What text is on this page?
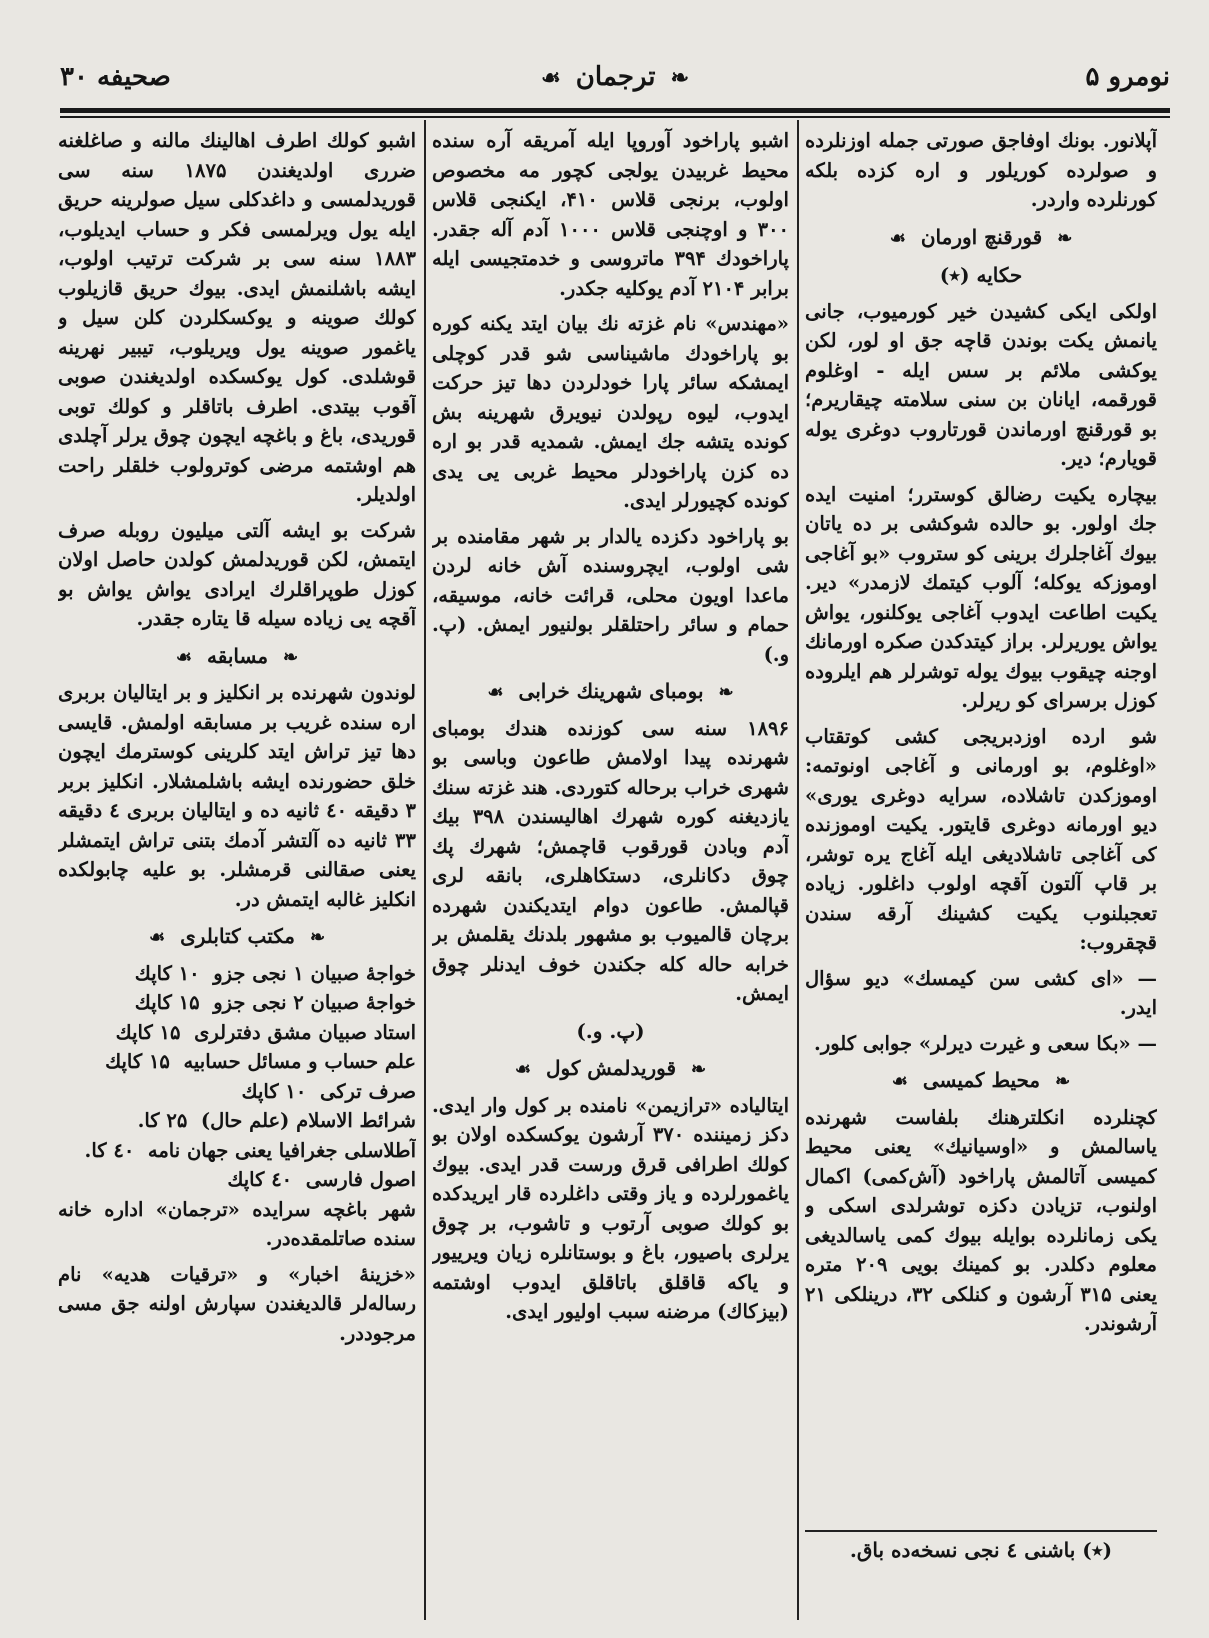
صحیفه ۳۰	❧ ترجمان ☙	نومرو ۵

آپلانور. بونك اوفاجق صورتی جمله اوزنلرده و صولرده کوریلور و اره کزده بلکه کورنلرده واردر.

❧ قورقنچ اورمان ☙
حکایه (٭)

اولکی ایکی کشیدن خیر کورمیوب، جانی یانمش یکت بوندن قاچه جق او لور، لکن یوکشی ملائم بر سس ایله - اوغلوم قورقمه، ایانان بن سنی سلامته چیقاریرم؛ بو قورقنچ اورماندن قورتاروب دوغری یوله قویارم؛ دیر.

بیچاره یکیت رضالق کوسترر؛ امنیت ایده جك اولور. بو حالده شوکشی بر ده یاتان بیوك آغاجلرك برینی کو ستروب «بو آغاجی اوموزکه یوکله؛ آلوب کیتمك لازمدر» دیر. یکیت اطاعت ایدوب آغاجی یوکلنور، یواش یواش یوریرلر. براز کیتدکدن صکره اورمانك اوجنه چیقوب بیوك یوله توشرلر هم ایلروده کوزل برسرای کو ریرلر.

شو ارده اوزدبریجی کشی کوتقتاب «اوغلوم، بو اورمانی و آغاجی اونوتمه: اوموزکدن تاشلاده، سرایه دوغری یوری» دیو اورمانه دوغری قایتور. یکیت اوموزنده کی آغاجی تاشلادیغی ایله آغاج یره توشر، بر قاپ آلتون آقچه اولوب داغلور. زیاده تعجبلنوب یکیت کشینك آرقه سندن قچقروب:

— «ای کشی سن کیمسك» دیو سؤال ایدر.

— «بکا سعی و غیرت دیرلر» جوابی کلور.

❧ محیط کمیسی ☙

کچنلرده انکلترهنك بلفاست شهرنده یاسالمش و «اوسیانیك» یعنی محیط کمیسی آتالمش پاراخود (آش‌کمی) اکمال اولنوب، تزیادن دکزه توشرلدی اسکی و یکی زمانلرده بوایله بیوك کمی یاسالدیغی معلوم دکلدر. بو کمینك بویی ۲۰۹ متره یعنی ۳۱۵ آرشون و کنلکی ۳۲، درینلکی ۲۱ آرشوندر.

اشبو پاراخود آوروپا ایله آمریقه آره سنده محیط غربیدن یولجی کچور مه مخصوص اولوب، برنجی قلاس ۴۱۰، ایکنجی قلاس ۳۰۰ و اوچنجی قلاس ۱۰۰۰ آدم آله جقدر. پاراخودك ۳۹۴ ماتروسی و خدمتجیسی ایله برابر ۲۱۰۴ آدم یوکلیه جکدر.

«مهندس» نام غزته نك بیان ایتد یکنه کوره بو پاراخودك ماشیناسی شو قدر کوچلی ایمشکه سائر پارا خودلردن دها تیز حرکت ایدوب، لیوه رپولدن نیویرق شهرینه بش کونده یتشه جك ایمش. شمدیه قدر بو اره ده کزن پاراخودلر محیط غربی یی یدی کونده کچیورلر ایدی.

بو پاراخود دکزده یالدار بر شهر مقامنده بر شی اولوب، ایچروسنده آش خانه لردن ماعدا اویون محلی، قرائت خانه، موسیقه، حمام و سائر راحتلقلر بولنیور ایمش. (پ. و.)

❧ بومبای شهرینك خرابی ☙

۱۸۹۶ سنه سی کوزنده هندك بومبای شهرنده پیدا اولامش طاعون وباسی بو شهری خراب برحاله کتوردی. هند غزته سنك یازدیغنه کوره شهرك اهالیسندن ۳۹۸ بیك آدم وبادن قورقوب قاچمش؛ شهرك پك چوق دکانلری، دستکاهلری، بانقه لری قپالمش. طاعون دوام ایتدیکندن شهرده برچان قالمیوب بو مشهور بلدنك یقلمش بر خرابه حاله کله جکندن خوف ایدنلر چوق ایمش.

(پ. و.)
❧ قوریدلمش کول ☙

ایتالیاده «ترازیمن» نامنده بر کول وار ایدی. دکز زمیننده ۳۷۰ آرشون یوکسکده اولان بو کولك اطرافی قرق ورست قدر ایدی. بیوك یاغمورلرده و یاز وقتی داغلرده قار ایریدکده بو کولك صوبی آرتوب و تاشوب، بر چوق یرلری باصیور، باغ و بوستانلره زیان ویرییور و یاکه قاقلق باتاقلق ایدوب اوشتمه (بیزکاك) مرضنه سبب اولیور ایدی.

اشبو کولك اطرف اهالینك مالنه و صاغلغنه ضرری اولدیغندن ۱۸۷۵ سنه سی قوریدلمسی و داغدکلی سیل صولرینه حریق ایله یول ویرلمسی فکر و حساب ایدیلوب، ۱۸۸۳ سنه سی بر شرکت ترتیب اولوب، ایشه باشلنمش ایدی. بیوك حریق قازیلوب کولك صوینه و یوکسکلردن کلن سیل و یاغمور صوینه یول ویریلوب، تیبیر نهرینه قوشلدی. کول یوکسکده اولدیغندن صوبی آقوب بیتدی. اطرف باتاقلر و کولك توبی قوریدی، باغ و باغچه ایچون چوق یرلر آچلدی هم اوشتمه مرضی کوترولوب خلقلر راحت اولدیلر.

شرکت بو ایشه آلتی میلیون روبله صرف ایتمش، لکن قوریدلمش کولدن حاصل اولان کوزل طوپراقلرك ایرادی یواش یواش بو آقچه یی زیاده سیله قا یتاره جقدر.

❧ مسابقه ☙

لوندون شهرنده بر انکلیز و بر ایتالیان بربری اره سنده غریب بر مسابقه اولمش. قایسی دها تیز تراش ایتد کلرینی کوسترمك ایچون خلق حضورنده ایشه باشلمشلار. انکلیز بربر ۳ دقیقه ٤٠ ثانیه ده و ایتالیان بربری ٤ دقیقه ۳۳ ثانیه ده آلتشر آدمك بتنی تراش ایتمشلر یعنی صقالنی قرمشلر. بو علیه چابولکده انکلیز غالبه ایتمش در.

❧ مکتب کتابلری ☙
خواجهٔ صبیان ۱ نجی جزو  ۱۰ کاپك
خواجهٔ صبیان ۲ نجی جزو  ۱۵ کاپك
استاد صبیان مشق دفترلری  ۱۵ کاپك
علم حساب و مسائل حسابیه  ۱۵ کاپك
صرف ترکی  ۱۰ کاپك
شرائط الاسلام (علم حال)  ۲۵ کا.
آطلاسلی جغرافیا یعنی جهان نامه  ٤٠ کا.
اصول فارسی  ٤٠ کاپك

شهر باغچه سرایده «ترجمان» اداره خانه سنده صاتلمقده‌در.

«خزینهٔ اخبار» و «ترقیات هدیه» نام رساله‌لر قالدیغندن سپارش اولنه جق مسی مرجوددر.

(٭) باشنی ٤ نجی نسخه‌ده باق.
